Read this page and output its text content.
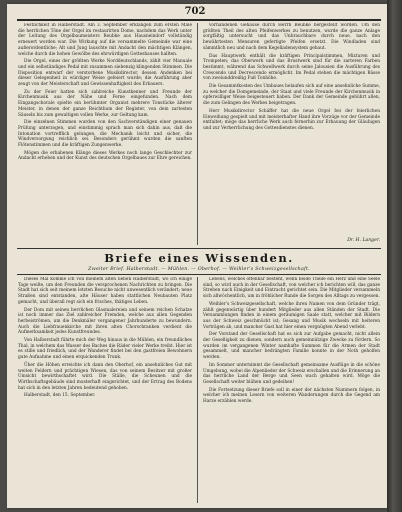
702

Festlichkeit in Halberstadt. Am 3. September erklangen zum ersten Male die herrlichen Töne der Orgel im restaurirten Dome, nachdem das Werk unter der Leitung des Orgelbaumeisters Reubke aus Hausneindorf vollständig erneuert worden war. Die Wirkung auf die versammelte Gemeinde war eine außerordentliche; Alt und Jung lauschte mit Andacht den mächtigen Klängen, welche durch die hohen Gewölbe des ehrwürdigen Gotteshauses hallten.

Die Orgel, eines der größten Werke Norddeutschlands, zählt vier Manuale und ein selbständiges Pedal mit zusammen siebenzig klingenden Stimmen. Die Disposition entwarf der verstorbene Musikdirector, dessen Andenken bei dieser Gelegenheit in würdiger Weise gefeiert wurde; die Ausführung aber zeugt von der Meisterschaft und Gewissenhaftigkeit des Erbauers.

Zu der Feier hatten sich zahlreiche Kunstkenner und Freunde der Kirchenmusik aus der Nähe und Ferne eingefunden. Nach dem Eingangschorale spielte ein berühmter Organist mehrere Tonstücke älterer Meister, in denen der ganze Reichthum der Register, von dem zartesten Säuseln bis zum gewaltigen vollen Werke, zur Geltung kam.

Die einzelnen Stimmen wurden von den Sachverständigen einer genauen Prüfung unterzogen, und einstimmig sprach man sich dahin aus, daß die Intonation vortrefflich gelungen, die Mechanik leicht und sicher, die Windversorgung reichlich sei. Besonders gerühmt wurden die sanften Flötenstimmen und die kräftigen Zungenwerke.

Mögen die erhabenen Klänge dieses Werkes noch lange Geschlechter zur Andacht erheben und der Kunst des deutschen Orgelbaues zur Ehre gereichen.

vorhandenen Gehäuse durch Herrn Reubke hergestellt worden. Um den größten Theil des alten Pfeifenwerkes zu benutzen, wurde die ganze Anlage sorgfältig untersucht und das Unbrauchbare durch neue, nach den bewährtesten Mensuren gefertigte Pfeifen ersetzt. Die Windladen sind sämmtlich neu und nach dem Kegelladensystem gebaut.

Das Hauptwerk enthält die kräftigen Principalstimmen, Mixturen und Trompeten; das Oberwerk und das Brustwerk sind für die zarteren Farben bestimmt, während das Schwellwerk durch seine Jalousien die Ausführung des Crescendo und Decrescendo ermöglicht. Im Pedal stehen die mächtigen Bässe von zweiunddreißig Fuß Tonhöhe.

Die Gesammtkosten des Umbaues belaufen sich auf eine ansehnliche Summe, zu welcher die Domgemeinde, der Staat und viele Freunde der Kirchenmusik in opferwilliger Weise beigesteuert haben. Der Dank der Gemeinde gebührt allen, die zum Gelingen des Werkes beigetragen.

Herr Musikdirector Schäffer hat die neue Orgel bei der feierlichen Einweihung gespielt und mit meisterhafter Hand ihre Vorzüge vor der Gemeinde entfaltet; möge das herrliche Werk auch fernerhin zur Erbauung der Gläubigen und zur Verherrlichung des Gottesdienstes dienen.

Dr. H. Langer.
Briefe eines Wissenden.
Zweiter Brief. Halberstadt. — Mühlen. — Oberhof. — Weihler’s Schweizgesellschaft.

Dieses Mal komme ich von meinem alten lieben Halberstadt, wo ich einige Tage weilte, um den Freunden die versprochenen Nachrichten zu bringen. Die Stadt hat sich seit meinem letzten Besuche nicht unwesentlich verändert; neue Straßen sind entstanden, alte Häuser haben stattlichen Neubauten Platz gemacht, und überall regt sich ein frisches, thätiges Leben.

Der Dom mit seinen herrlichen Glasmalereien und seinem reichen Schatze ist noch immer das Ziel zahlreicher Fremden, welche aus allen Gegenden herbeiströmen, um die Denkmäler vergangener Jahrhunderte zu bewundern. Auch die Liebfrauenkirche mit ihren alten Chorschranken verdient die Aufmerksamkeit jedes Kunstfreundes.

Von Halberstadt führte mich der Weg hinaus in die Mühlen, ein freundliches Thal, in welchem das Wasser des Baches die Räder vieler Werke treibt. Hier ist es stille und friedlich, und der Wanderer findet bei den gastfreien Bewohnern gute Aufnahme und einen erquickenden Trunk.

Über die Höhen erreichte ich dann den Oberhof, ein ansehnliches Gut mit weiten Feldern und prächtigen Wiesen, das von seinem Besitzer mit großer Umsicht bewirthschaftet wird. Die Ställe, die Scheunen und die Wirthschaftsgebäude sind musterhaft eingerichtet, und der Ertrag des Bodens hat sich in den letzten Jahren bedeutend gehoben.

Halberstadt, den 15. September.

Lebens, welches offenbar besteht, wenn beide Theile ein Herz und eine Seele sind, so wird auch in der Gesellschaft, von welcher ich berichten will, das ganze Streben nach Einigkeit und Eintracht gerichtet sein. Die Mitglieder versammeln sich allwöchentlich, um in fröhlicher Runde die Sorgen des Alltags zu vergessen.

Weihler’s Schweizgesellschaft, welche ihren Namen von dem Gründer trägt, zählt gegenwärtig über hundert Mitglieder aus allen Ständen der Stadt. Die Versammlungen finden in einem geräumigen Saale statt, welcher mit Bildern aus der Schweiz geschmückt ist; Gesang und Musik wechseln mit heiteren Vorträgen ab, und mancher Gast hat hier einen vergnügten Abend verlebt.

Der Vorstand der Gesellschaft hat es sich zur Aufgabe gemacht, nicht allein der Geselligkeit zu dienen, sondern auch gemeinnützige Zwecke zu fördern. So wurden im vergangenen Winter namhafte Summen für die Armen der Stadt gesammelt, und mancher bedrängten Familie konnte in der Noth geholfen werden.

Im Sommer unternimmt die Gesellschaft gemeinsame Ausflüge in die schöne Umgebung, wobei die Alpenlieder der Schweiz erschallen und die Erinnerung an das herrliche Land der Berge und Seen wach gehalten wird. Möge die Gesellschaft weiter blühen und gedeihen!

Die Fortsetzung dieser Briefe soll in einer der nächsten Nummern folgen, in welcher ich meinen Lesern von weiteren Wanderungen durch die Gegend am Harze erzählen werde.
